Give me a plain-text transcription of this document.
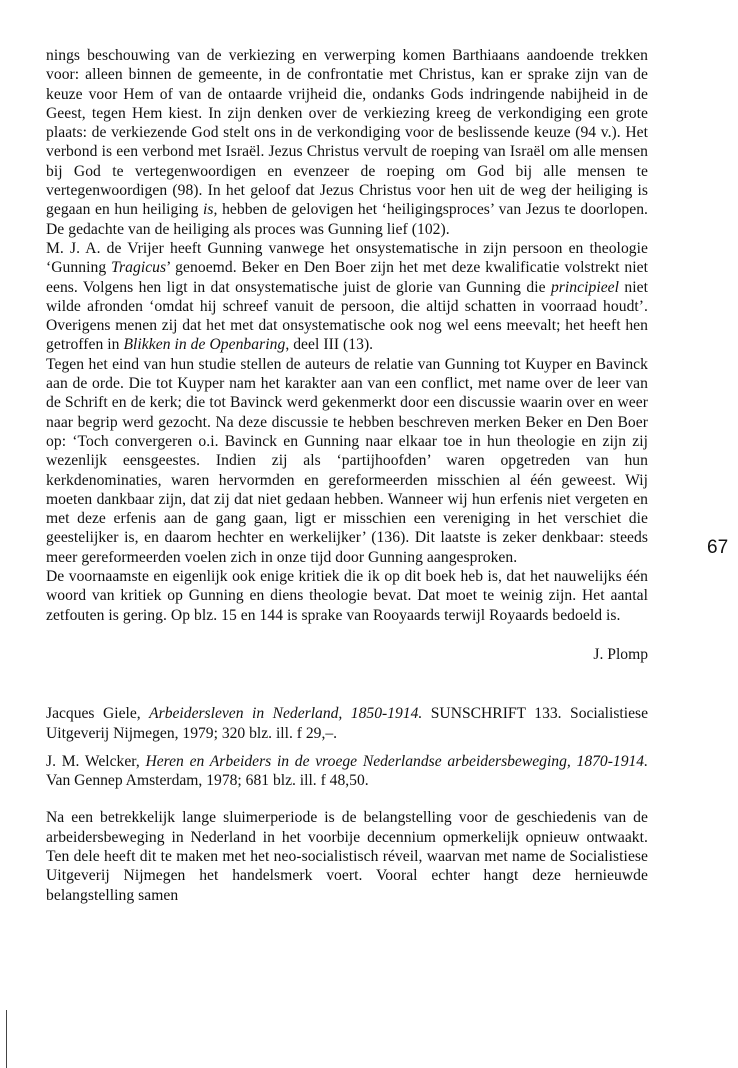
nings beschouwing van de verkiezing en verwerping komen Barthiaans aandoende trekken voor: alleen binnen de gemeente, in de confrontatie met Christus, kan er sprake zijn van de keuze voor Hem of van de ontaarde vrijheid die, ondanks Gods indringende nabijheid in de Geest, tegen Hem kiest. In zijn denken over de verkiezing kreeg de verkondiging een grote plaats: de verkiezende God stelt ons in de verkondiging voor de beslissende keuze (94 v.). Het verbond is een verbond met Israël. Jezus Christus vervult de roeping van Israël om alle mensen bij God te vertegenwoordigen en evenzeer de roeping om God bij alle mensen te vertegenwoordigen (98). In het geloof dat Jezus Christus voor hen uit de weg der heiliging is gegaan en hun heiliging is, hebben de gelovigen het ‘heiligingsproces’ van Jezus te doorlopen. De gedachte van de heiliging als proces was Gunning lief (102).

M. J. A. de Vrijer heeft Gunning vanwege het onsystematische in zijn persoon en theologie ‘Gunning Tragicus’ genoemd. Beker en Den Boer zijn het met deze kwalificatie volstrekt niet eens. Volgens hen ligt in dat onsystematische juist de glorie van Gunning die principieel niet wilde afronden ‘omdat hij schreef vanuit de persoon, die altijd schatten in voorraad houdt’. Overigens menen zij dat het met dat onsystematische ook nog wel eens meevalt; het heeft hen getroffen in Blikken in de Openbaring, deel III (13).

Tegen het eind van hun studie stellen de auteurs de relatie van Gunning tot Kuyper en Bavinck aan de orde. Die tot Kuyper nam het karakter aan van een conflict, met name over de leer van de Schrift en de kerk; die tot Bavinck werd gekenmerkt door een discussie waarin over en weer naar begrip werd gezocht. Na deze discussie te hebben beschreven merken Beker en Den Boer op: ‘Toch convergeren o.i. Bavinck en Gunning naar elkaar toe in hun theologie en zijn zij wezenlijk eensgeestes. Indien zij als ‘partijhoofden’ waren opgetreden van hun kerkdenominaties, waren hervormden en gereformeerden misschien al één geweest. Wij moeten dankbaar zijn, dat zij dat niet gedaan hebben. Wanneer wij hun erfenis niet vergeten en met deze erfenis aan de gang gaan, ligt er misschien een vereniging in het verschiet die geestelijker is, en daarom hechter en werkelijker’ (136). Dit laatste is zeker denkbaar: steeds meer gereformeerden voelen zich in onze tijd door Gunning aangesproken.

De voornaamste en eigenlijk ook enige kritiek die ik op dit boek heb is, dat het nauwelijks één woord van kritiek op Gunning en diens theologie bevat. Dat moet te weinig zijn. Het aantal zetfouten is gering. Op blz. 15 en 144 is sprake van Rooyaards terwijl Royaards bedoeld is.

J. Plomp

Jacques Giele, Arbeidersleven in Nederland, 1850-1914. SUNSCHRIFT 133. Socialistiese Uitgeverij Nijmegen, 1979; 320 blz. ill. f 29,–.

J. M. Welcker, Heren en Arbeiders in de vroege Nederlandse arbeidersbeweging, 1870-1914. Van Gennep Amsterdam, 1978; 681 blz. ill. f 48,50.

Na een betrekkelijk lange sluimerperiode is de belangstelling voor de geschiedenis van de arbeidersbeweging in Nederland in het voorbije decennium opmerkelijk opnieuw ontwaakt. Ten dele heeft dit te maken met het neo-socialistisch réveil, waarvan met name de Socialistiese Uitgeverij Nijmegen het handelsmerk voert. Vooral echter hangt deze hernieuwde belangstelling samen

67
